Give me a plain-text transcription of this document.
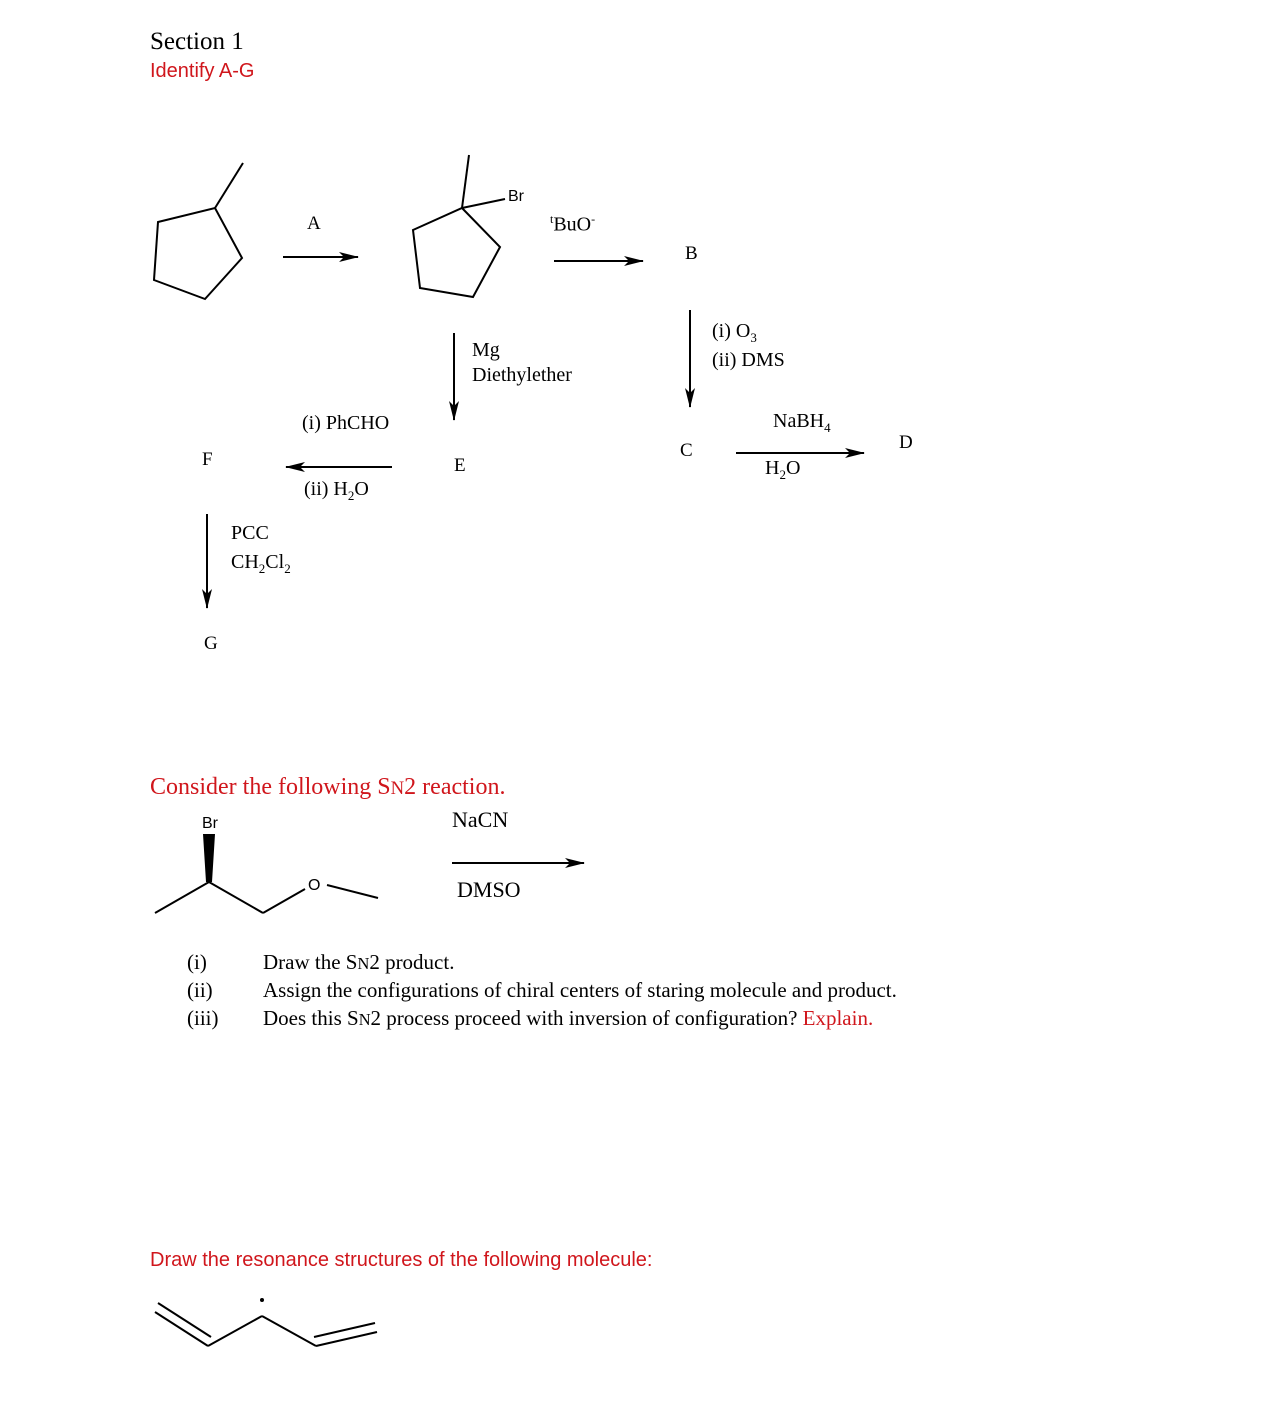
Section 1
Identify A-G
Br
Br
O
A	$^t$BuO-
B
(i) $O_3$
(ii) DMS
Mg
Diethylether
(i) PhCHO	NaBH$_4$
D
C
$H_2O$
F	E
(ii) $H_2O$
PCC
$CH_2Cl_2$
G
Consider the following SN2 reaction.
NaCN
DMSO
(i)	Draw the SN2 product.
(ii) Assign the configurations of chiral centers of staring molecule and product.
(iii) Does this SN2 process proceed with inversion of configuration? Explain.
Draw the resonance structures of the following molecule:
